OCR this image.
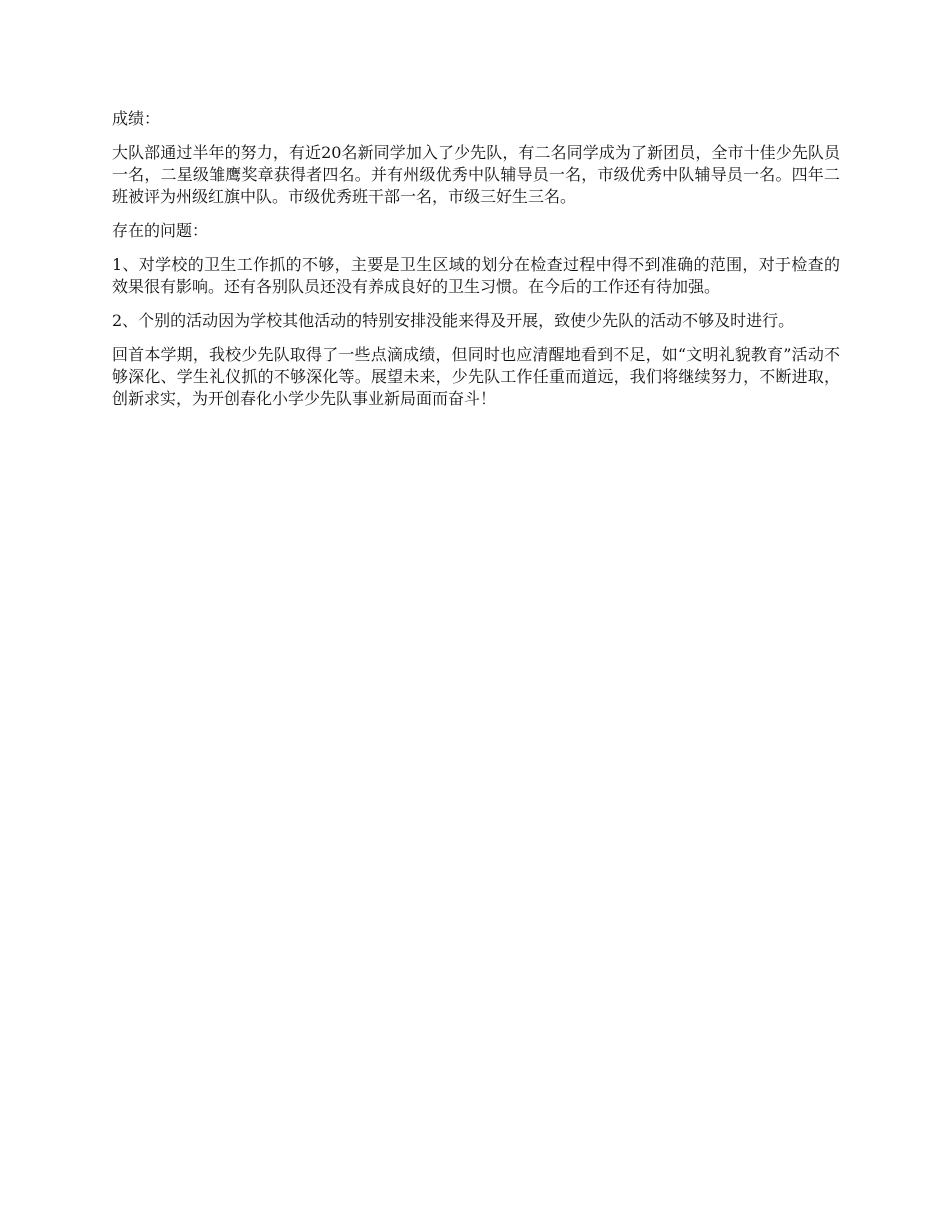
成绩：

大队部通过半年的努力，有近20名新同学加入了少先队，有二名同学成为了新团员，全市十佳少先队员一名，二星级雏鹰奖章获得者四名。并有州级优秀中队辅导员一名，市级优秀中队辅导员一名。四年二班被评为州级红旗中队。市级优秀班干部一名，市级三好生三名。

存在的问题：

1、对学校的卫生工作抓的不够，主要是卫生区域的划分在检查过程中得不到准确的范围，对于检查的效果很有影响。还有各别队员还没有养成良好的卫生习惯。在今后的工作还有待加强。

2、个别的活动因为学校其他活动的特别安排没能来得及开展，致使少先队的活动不够及时进行。

回首本学期，我校少先队取得了一些点滴成绩，但同时也应清醒地看到不足，如“文明礼貌教育”活动不够深化、学生礼仪抓的不够深化等。展望未来，少先队工作任重而道远，我们将继续努力，不断进取，创新求实，为开创春化小学少先队事业新局面而奋斗！
